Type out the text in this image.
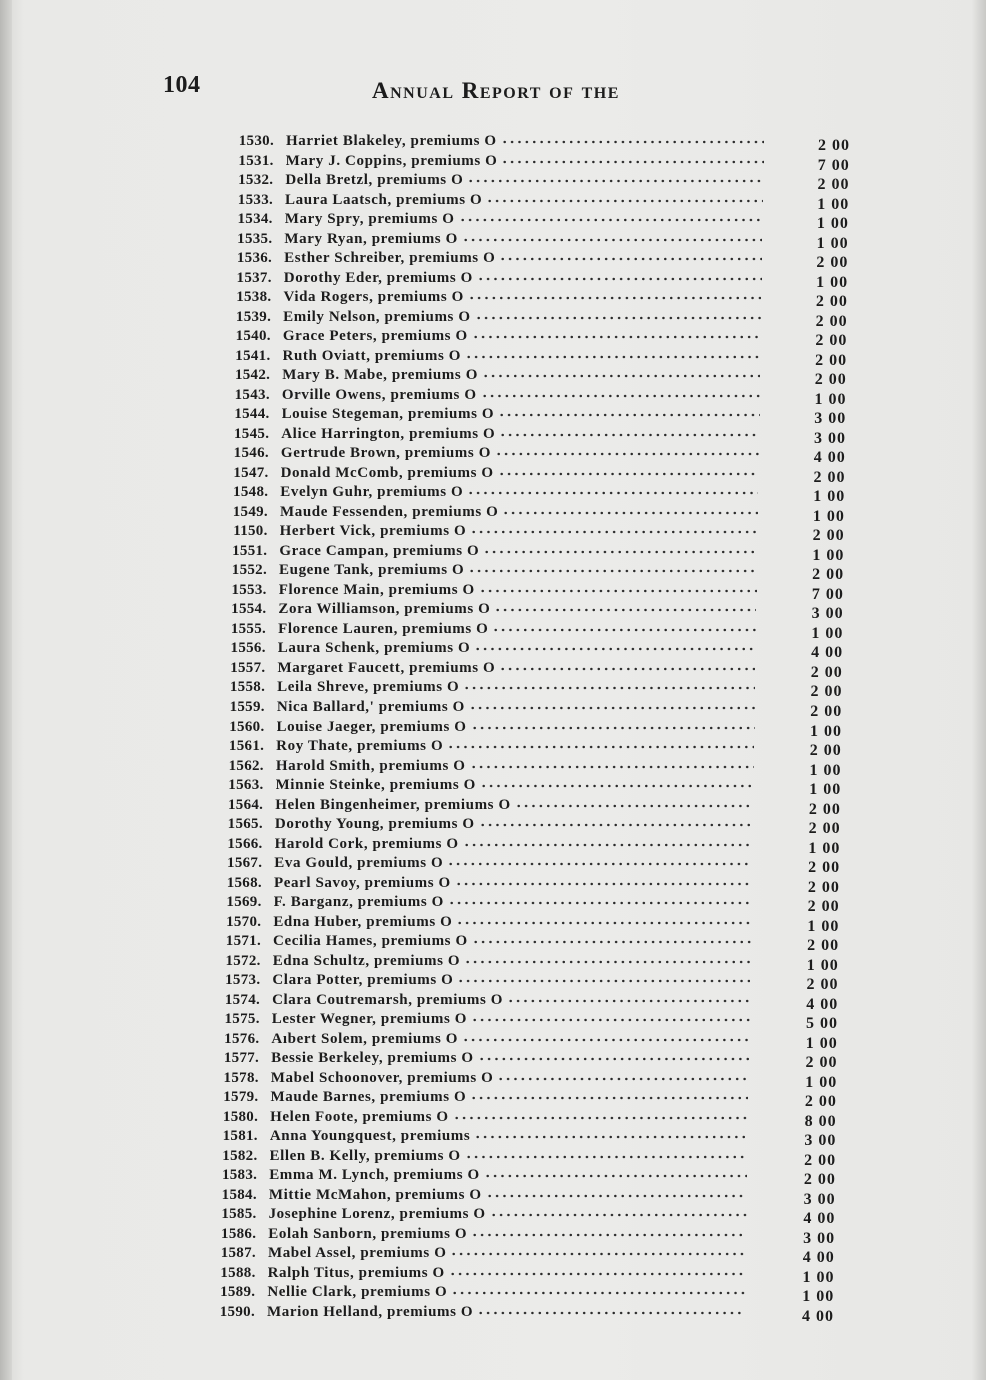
104	Annual Report of the
1530. Harriet Blakeley, premiums O	2 00
1531. Mary J. Coppins, premiums O	7 00
1532. Della Bretzl, premiums O	2 00
1533. Laura Laatsch, premiums O	1 00
1534. Mary Spry, premiums O	1 00
1535. Mary Ryan, premiums O	1 00
1536. Esther Schreiber, premiums O	2 00
1537. Dorothy Eder, premiums O	1 00
1538. Vida Rogers, premiums O	2 00
1539. Emily Nelson, premiums O	2 00
1540. Grace Peters, premiums O	2 00
1541. Ruth Oviatt, premiums O	2 00
1542. Mary B. Mabe, premiums O	2 00
1543. Orville Owens, premiums O	1 00
1544. Louise Stegeman, premiums O	3 00
1545. Alice Harrington, premiums O	3 00
1546. Gertrude Brown, premiums O	4 00
1547. Donald McComb, premiums O	2 00
1548. Evelyn Guhr, premiums O	1 00
1549. Maude Fessenden, premiums O	1 00
1150. Herbert Vick, premiums O	2 00
1551. Grace Campan, premiums O	1 00
1552. Eugene Tank, premiums O	2 00
1553. Florence Main, premiums O	7 00
1554. Zora Williamson, premiums O	3 00
1555. Florence Lauren, premiums O	1 00
1556. Laura Schenk, premiums O	4 00
1557. Margaret Faucett, premiums O	2 00
1558. Leila Shreve, premiums O	2 00
1559. Nica Ballard,' premiums O	2 00
1560. Louise Jaeger, premiums O	1 00
1561. Roy Thate, premiums O	2 00
1562. Harold Smith, premiums O	1 00
1563. Minnie Steinke, premiums O	1 00
1564. Helen Bingenheimer, premiums O	2 00
1565. Dorothy Young, premiums O	2 00
1566. Harold Cork, premiums O	1 00
1567. Eva Gould, premiums O	2 00
1568. Pearl Savoy, premiums O	2 00
1569. F. Barganz, premiums O	2 00
1570. Edna Huber, premiums O	1 00
1571. Cecilia Hames, premiums O	2 00
1572. Edna Schultz, premiums O	1 00
1573. Clara Potter, premiums O	2 00
1574. Clara Coutremarsh, premiums O	4 00
1575. Lester Wegner, premiums O	5 00
1576. Aıbert Solem, premiums O	1 00
1577. Bessie Berkeley, premiums O	2 00
1578. Mabel Schoonover, premiums O	1 00
1579. Maude Barnes, premiums O	2 00
1580. Helen Foote, premiums O	8 00
1581. Anna Youngquest, premiums	3 00
1582. Ellen B. Kelly, premiums O	2 00
1583. Emma M. Lynch, premiums O	2 00
1584. Mittie McMahon, premiums O	3 00
1585. Josephine Lorenz, premiums O	4 00
1586. Eolah Sanborn, premiums O	3 00
1587. Mabel Assel, premiums O	4 00
1588. Ralph Titus, premiums O	1 00
1589. Nellie Clark, premiums O	1 00
1590. Marion Helland, premiums O	4 00
